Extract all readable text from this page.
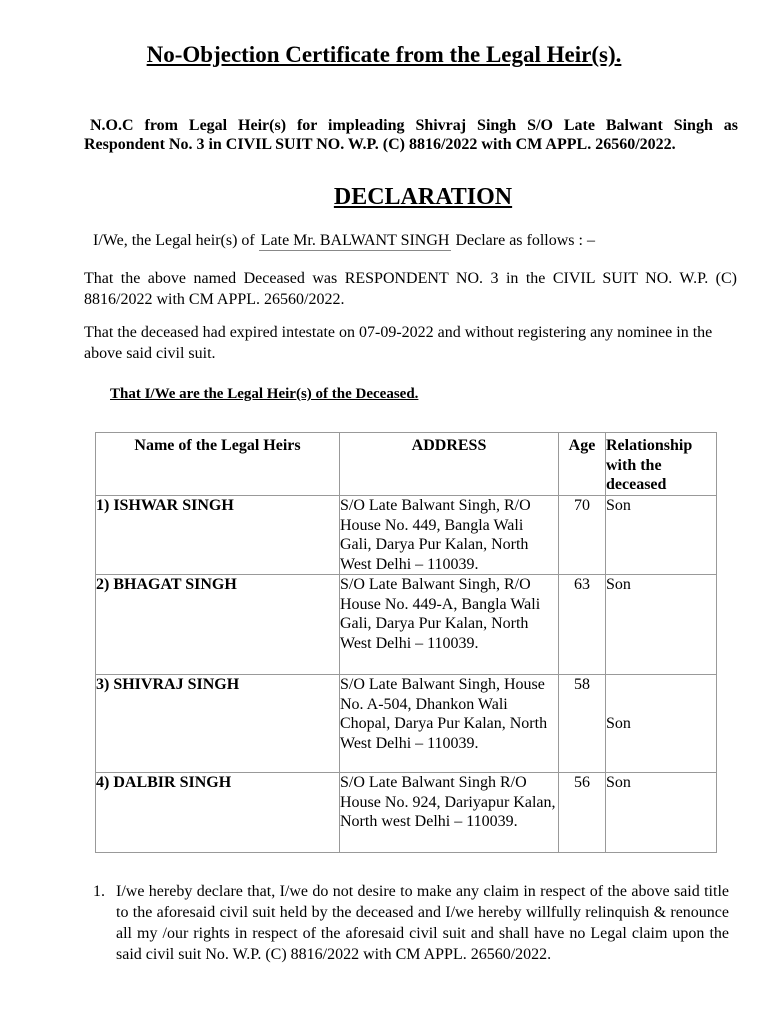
No-Objection Certificate from the Legal Heir(s).
N.O.C from Legal Heir(s) for impleading Shivraj Singh S/O Late Balwant Singh as Respondent No. 3 in CIVIL SUIT NO. W.P. (C) 8816/2022 with CM APPL. 26560/2022.
DECLARATION
I/We, the Legal heir(s) of Late Mr. BALWANT SINGH Declare as follows : –
That the above named Deceased was RESPONDENT NO. 3 in the CIVIL SUIT NO. W.P. (C) 8816/2022 with CM APPL. 26560/2022.
That the deceased had expired intestate on 07-09-2022 and without registering any nominee in the above said civil suit.
That I/We are the Legal Heir(s) of the Deceased.
Name of the Legal Heirs	ADDRESS	Age	Relationship with the deceased
1) ISHWAR SINGH	S/O Late Balwant Singh, R/O House No. 449, Bangla Wali Gali, Darya Pur Kalan, North West Delhi – 110039.	70	Son
2) BHAGAT SINGH	S/O Late Balwant Singh, R/O House No. 449-A, Bangla Wali Gali, Darya Pur Kalan, North West Delhi – 110039.	63	Son
3) SHIVRAJ SINGH	S/O Late Balwant Singh, House No. A-504, Dhankon Wali Chopal, Darya Pur Kalan, North West Delhi – 110039.	58	Son
4) DALBIR SINGH	S/O Late Balwant Singh R/O House No. 924, Dariyapur Kalan, North west Delhi – 110039.	56	Son
1. I/we hereby declare that, I/we do not desire to make any claim in respect of the above said title to the aforesaid civil suit held by the deceased and I/we hereby willfully relinquish & renounce all my /our rights in respect of the aforesaid civil suit and shall have no Legal claim upon the said civil suit No. W.P. (C) 8816/2022 with CM APPL. 26560/2022.
